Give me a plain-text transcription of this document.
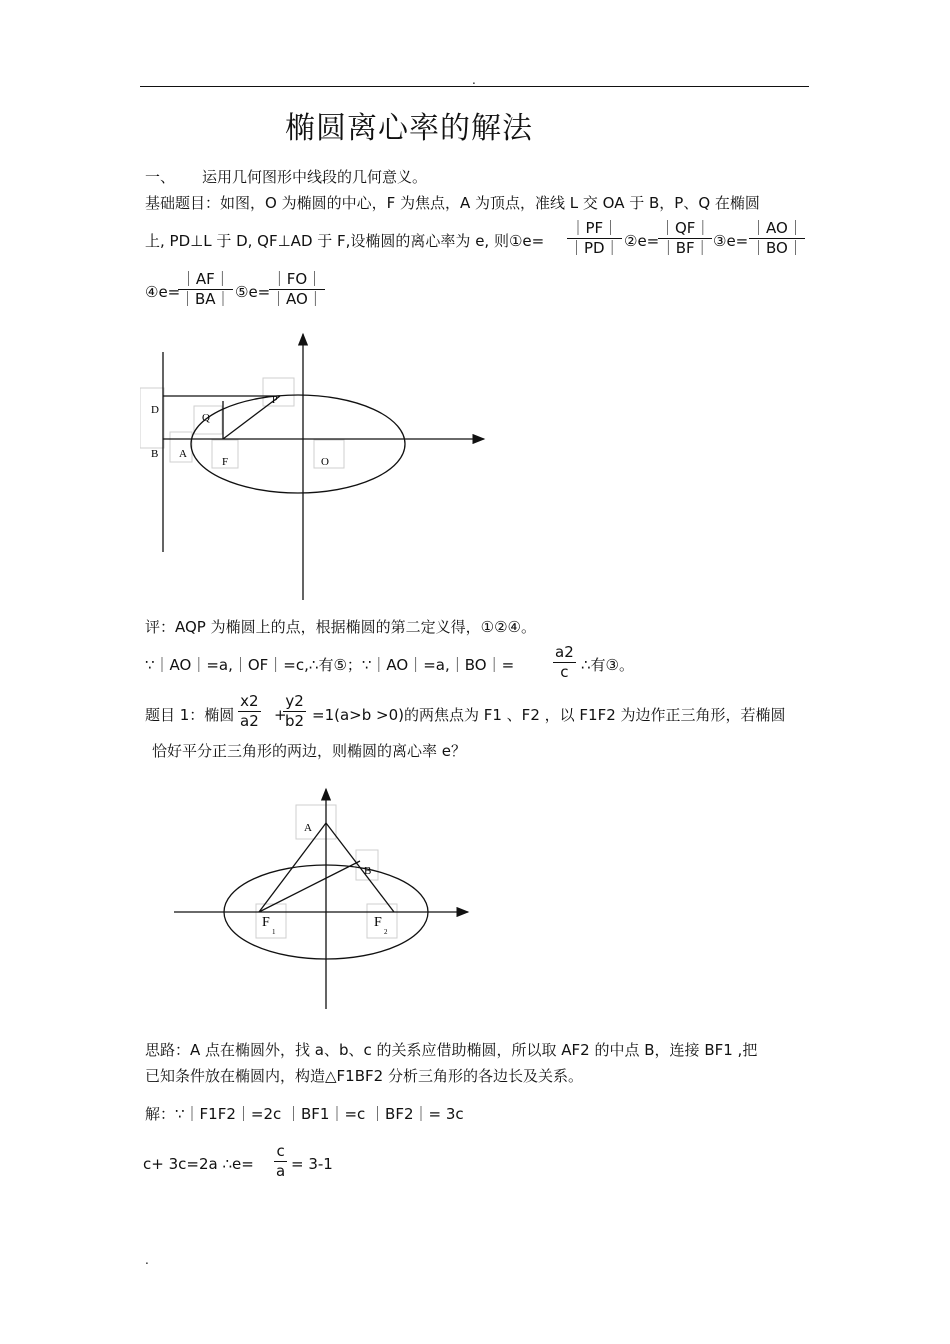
.
椭圆离心率的解法
一、 运用几何图形中线段的几何意义。
基础题目：如图，O 为椭圆的中心，F 为焦点，A 为顶点，准线 L 交 OA 于 B，P、Q 在椭圆
上, PD⊥L 于 D, QF⊥AD 于 F,设椭圆的离心率为 e, 则①e= $\frac{|PF|}{|PD|}$ ②e=
$\frac{|QF|}{|BF|}$ ③e= $\frac{|AO|}{|BO|}$
④e=
$\frac{|AF|}{|BA|}$ ⑤e=
$\frac{|FO|}{|AO|}$
D
Q
P
B A
F	O
评：AQP 为椭圆上的点，根据椭圆的第二定义得，①②④。
∵｜AO｜=a,｜OF｜=c,∴有⑤；∵｜AO｜=a,｜BO｜=	$\frac{a2}{c}$ ∴有③。
题目 1：椭圆 $\frac{x2}{a2}$ +
$\frac{y2}{b2} =1(a>b >0)$的两焦点为 F1 、F2 ，以 F1F2 为边作正三角形，若椭圆
恰好平分正三角形的两边，则椭圆的离心率 e？
A
B
F
1
F
2
思路：A 点在椭圆外，找 a、b、c 的关系应借助椭圆，所以取 AF2 的中点 B，连接 BF1 ,把
已知条件放在椭圆内，构造△F1BF2 分析三角形的各边长及关系。
解：∵｜F1F2｜=2c ｜BF1｜=c ｜BF2｜= 3c
c+ 3c=2a ∴e= $\frac{c}{a} = 3-1$
.
